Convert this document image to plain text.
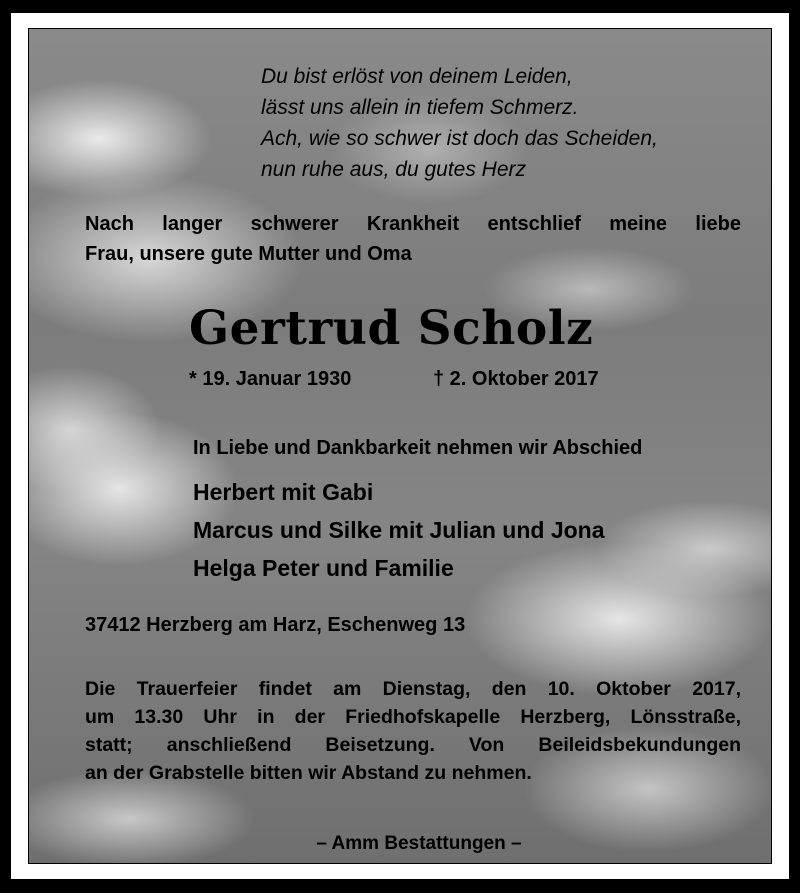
Du bist erlöst von deinem Leiden,
lässt uns allein in tiefem Schmerz.
Ach, wie so schwer ist doch das Scheiden,
nun ruhe aus, du gutes Herz
Nach langer schwerer Krankheit entschlief meine liebe
Frau, unsere gute Mutter und Oma
Gertrud Scholz
* 19. Januar 1930	† 2. Oktober 2017
In Liebe und Dankbarkeit nehmen wir Abschied
Herbert mit Gabi
Marcus und Silke mit Julian und Jona
Helga Peter und Familie
37412 Herzberg am Harz, Eschenweg 13
Die Trauerfeier findet am Dienstag, den 10. Oktober 2017,
um 13.30 Uhr in der Friedhofskapelle Herzberg, Lönsstraße,
statt; anschließend Beisetzung. Von Beileidsbekundungen
an der Grabstelle bitten wir Abstand zu nehmen.
– Amm Bestattungen –
